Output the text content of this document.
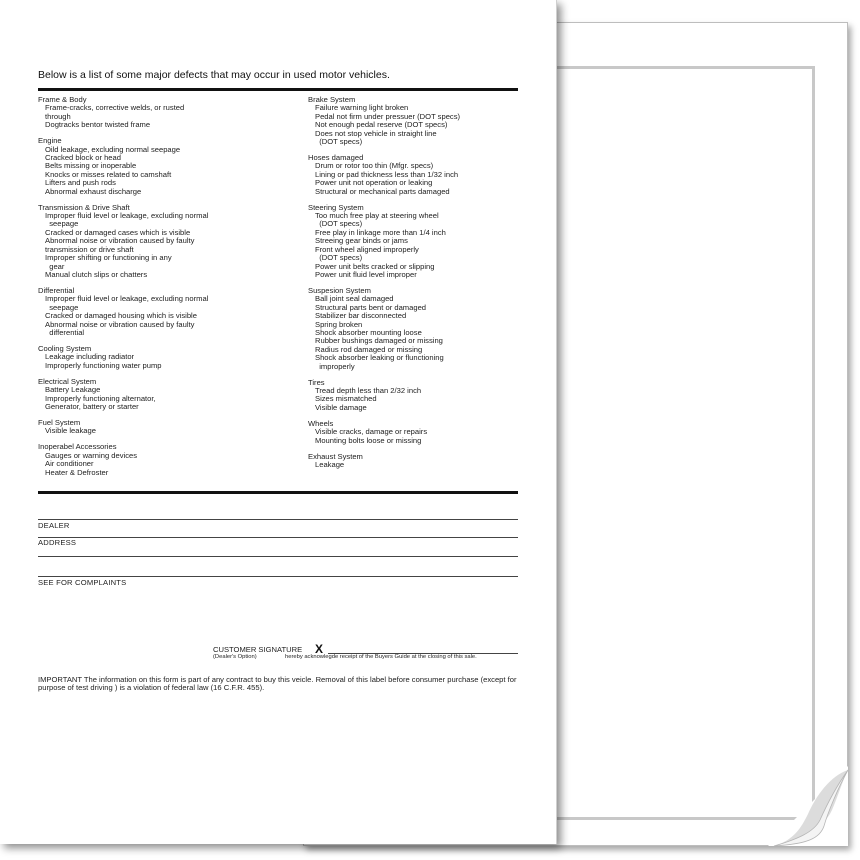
Below is a list of some major defects that may occur in used motor vehicles.
Frame & Body
Frame-cracks, corrective welds, or rusted
through
Dogtracks bentor twisted frame
Engine
Oild leakage, excluding normal seepage
Cracked block or head
Belts missing or inoperable
Knocks or misses related to camshaft
Lifters and push rods
Abnormal exhaust discharge
Transmission & Drive Shaft
Improper fluid level or leakage, excluding normal
seepage
Cracked or damaged cases which is visible
Abnormal noise or vibration caused by faulty
transmission or drive shaft
Improper shifting or functioning in any
gear
Manual clutch slips or chatters
Differential
Improper fluid level or leakage, excluding normal
seepage
Cracked or damaged housing which is visible
Abnormal noise or vibration caused by faulty
differential
Cooling System
Leakage including radiator
Improperly functioning water pump
Electrical System
Battery Leakage
Improperly functioning alternator,
Generator, battery or starter
Fuel System
Visible leakage
Inoperabel Accessories
Gauges or warning devices
Air conditioner
Heater & Defroster
Brake System
Failure warning light broken
Pedal not firm under pressuer (DOT specs)
Not enough pedal reserve (DOT specs)
Does not stop vehicle in straight line
(DOT specs)
Hoses damaged
Drum or rotor too thin (Mfgr. specs)
Lining or pad thickness less than 1/32 inch
Power unit not operation or leaking
Structural or mechanical parts damaged
Steering System
Too much free play at steering wheel
(DOT specs)
Free play in linkage more than 1/4 inch
Streeing gear binds or jams
Front wheel aligned improperly
(DOT specs)
Power unit belts cracked or slipping
Power unit fluid level improper
Suspesion System
Ball joint seal damaged
Structural parts bent or damaged
Stabilizer bar disconnected
Spring broken
Shock absorber mounting loose
Rubber bushings damaged or missing
Radius rod damaged or missing
Shock absorber leaking or flunctioning
improperly
Tires
Tread depth less than 2/32 inch
Sizes mismatched
Visible damage
Wheels
Visible cracks, damage or repairs
Mounting bolts loose or missing
Exhaust System
Leakage
DEALER
ADDRESS
SEE FOR COMPLAINTS
CUSTOMER SIGNATURE X
(Dealer's Option)	hereby acknowlegde receipt of the Buyers Guide at the closing of this sale.
IMPORTANT The information on this form is part of any contract to buy this veicle. Removal of this label before consumer purchase (except for purpose of test driving ) is a violation of federal law (16 C.F.R. 455).
